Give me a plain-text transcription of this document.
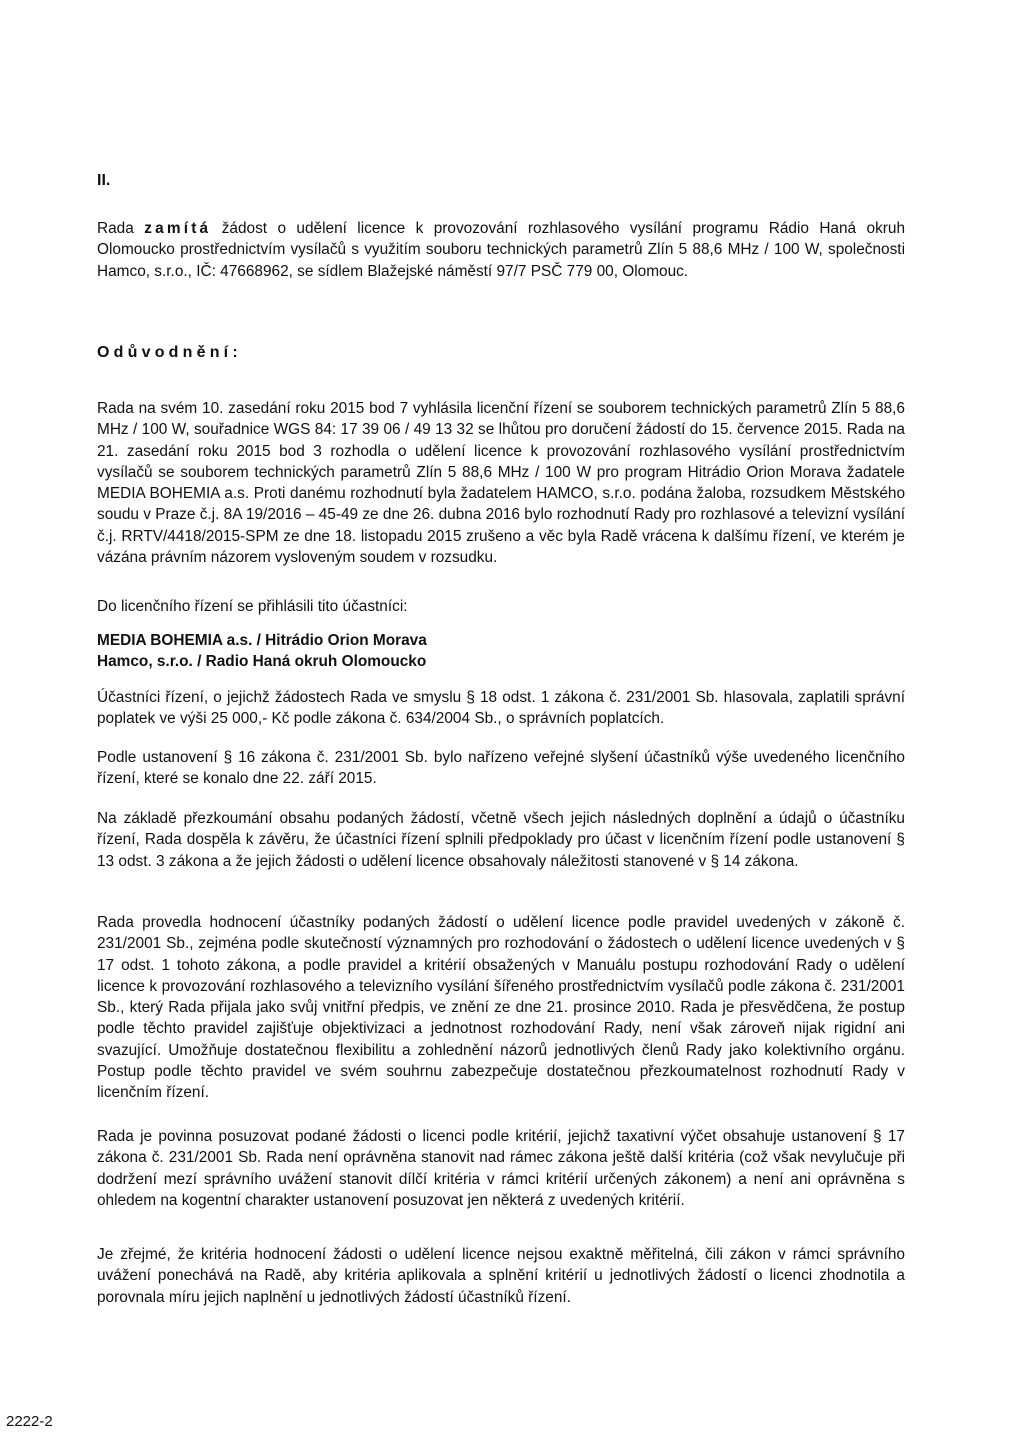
II.

Rada zamítá žádost o udělení licence k provozování rozhlasového vysílání programu Rádio Haná okruh Olomoucko prostřednictvím vysílačů s využitím souboru technických parametrů Zlín 5 88,6 MHz / 100 W, společnosti Hamco, s.r.o., IČ: 47668962, se sídlem Blažejské náměstí 97/7 PSČ 779 00, Olomouc.

Odůvodnění:

Rada na svém 10. zasedání roku 2015 bod 7 vyhlásila licenční řízení se souborem technických parametrů Zlín 5 88,6 MHz / 100 W, souřadnice WGS 84: 17 39 06 / 49 13 32 se lhůtou pro doručení žádostí do 15. července 2015. Rada na 21. zasedání roku 2015 bod 3 rozhodla o udělení licence k provozování rozhlasového vysílání prostřednictvím vysílačů se souborem technických parametrů Zlín 5 88,6 MHz / 100 W pro program Hitrádio Orion Morava žadatele MEDIA BOHEMIA a.s. Proti danému rozhodnutí byla žadatelem HAMCO, s.r.o. podána žaloba, rozsudkem Městského soudu v Praze č.j. 8A 19/2016 – 45-49 ze dne 26. dubna 2016 bylo rozhodnutí Rady pro rozhlasové a televizní vysílání č.j. RRTV/4418/2015-SPM ze dne 18. listopadu 2015 zrušeno a věc byla Radě vrácena k dalšímu řízení, ve kterém je vázána právním názorem vysloveným soudem v rozsudku.

Do licenčního řízení se přihlásili tito účastníci:

MEDIA BOHEMIA a.s. / Hitrádio Orion Morava
Hamco, s.r.o. / Radio Haná okruh Olomoucko

Účastníci řízení, o jejichž žádostech Rada ve smyslu § 18 odst. 1 zákona č. 231/2001 Sb. hlasovala, zaplatili správní poplatek ve výši 25 000,- Kč podle zákona č. 634/2004 Sb., o správních poplatcích.

Podle ustanovení § 16 zákona č. 231/2001 Sb. bylo nařízeno veřejné slyšení účastníků výše uvedeného licenčního řízení, které se konalo dne 22. září 2015.

Na základě přezkoumání obsahu podaných žádostí, včetně všech jejich následných doplnění a údajů o účastníku řízení, Rada dospěla k závěru, že účastníci řízení splnili předpoklady pro účast v licenčním řízení podle ustanovení § 13 odst. 3 zákona a že jejich žádosti o udělení licence obsahovaly náležitosti stanovené v § 14 zákona.

Rada provedla hodnocení účastníky podaných žádostí o udělení licence podle pravidel uvedených v zákoně č. 231/2001 Sb., zejména podle skutečností významných pro rozhodování o žádostech o udělení licence uvedených v § 17 odst. 1 tohoto zákona, a podle pravidel a kritérií obsažených v Manuálu postupu rozhodování Rady o udělení licence k provozování rozhlasového a televizního vysílání šířeného prostřednictvím vysílačů podle zákona č. 231/2001 Sb., který Rada přijala jako svůj vnitřní předpis, ve znění ze dne 21. prosince 2010. Rada je přesvědčena, že postup podle těchto pravidel zajišťuje objektivizaci a jednotnost rozhodování Rady, není však zároveň nijak rigidní ani svazující. Umožňuje dostatečnou flexibilitu a zohlednění názorů jednotlivých členů Rady jako kolektivního orgánu. Postup podle těchto pravidel ve svém souhrnu zabezpečuje dostatečnou přezkoumatelnost rozhodnutí Rady v licenčním řízení.

Rada je povinna posuzovat podané žádosti o licenci podle kritérií, jejichž taxativní výčet obsahuje ustanovení § 17 zákona č. 231/2001 Sb. Rada není oprávněna stanovit nad rámec zákona ještě další kritéria (což však nevylučuje při dodržení mezí správního uvážení stanovit dílčí kritéria v rámci kritérií určených zákonem) a není ani oprávněna s ohledem na kogentní charakter ustanovení posuzovat jen některá z uvedených kritérií.

Je zřejmé, že kritéria hodnocení žádosti o udělení licence nejsou exaktně měřitelná, čili zákon v rámci správního uvážení ponechává na Radě, aby kritéria aplikovala a splnění kritérií u jednotlivých žádostí o licenci zhodnotila a porovnala míru jejich naplnění u jednotlivých žádostí účastníků řízení.

2222-2
